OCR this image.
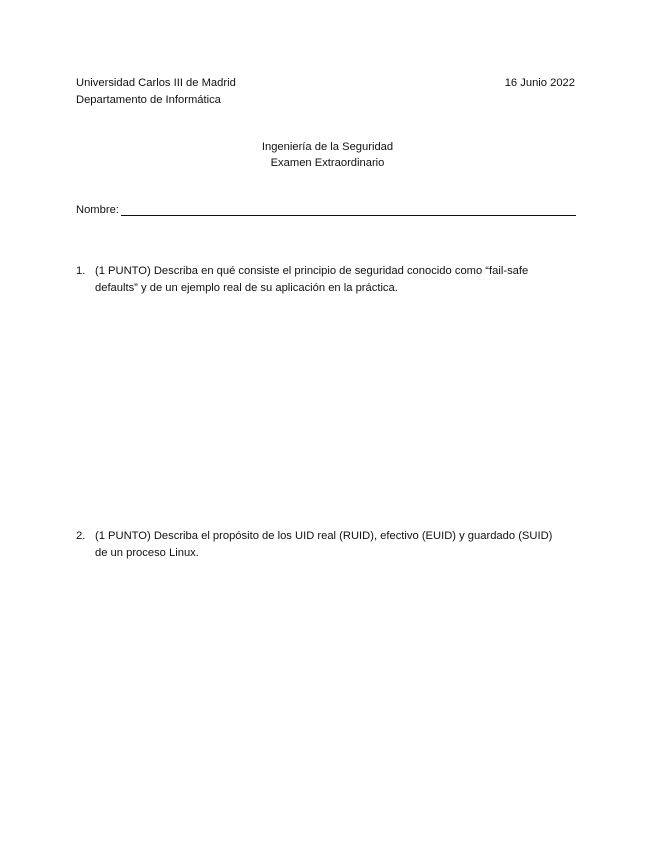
Universidad Carlos III de Madrid
Departamento de Informática
16 Junio 2022
Ingeniería de la Seguridad
Examen Extraordinario
Nombre:
1. (1 PUNTO) Describa en qué consiste el principio de seguridad conocido como “fail-safe
defaults” y de un ejemplo real de su aplicación en la práctica.
2. (1 PUNTO) Describa el propósito de los UID real (RUID), efectivo (EUID) y guardado (SUID)
de un proceso Linux.
